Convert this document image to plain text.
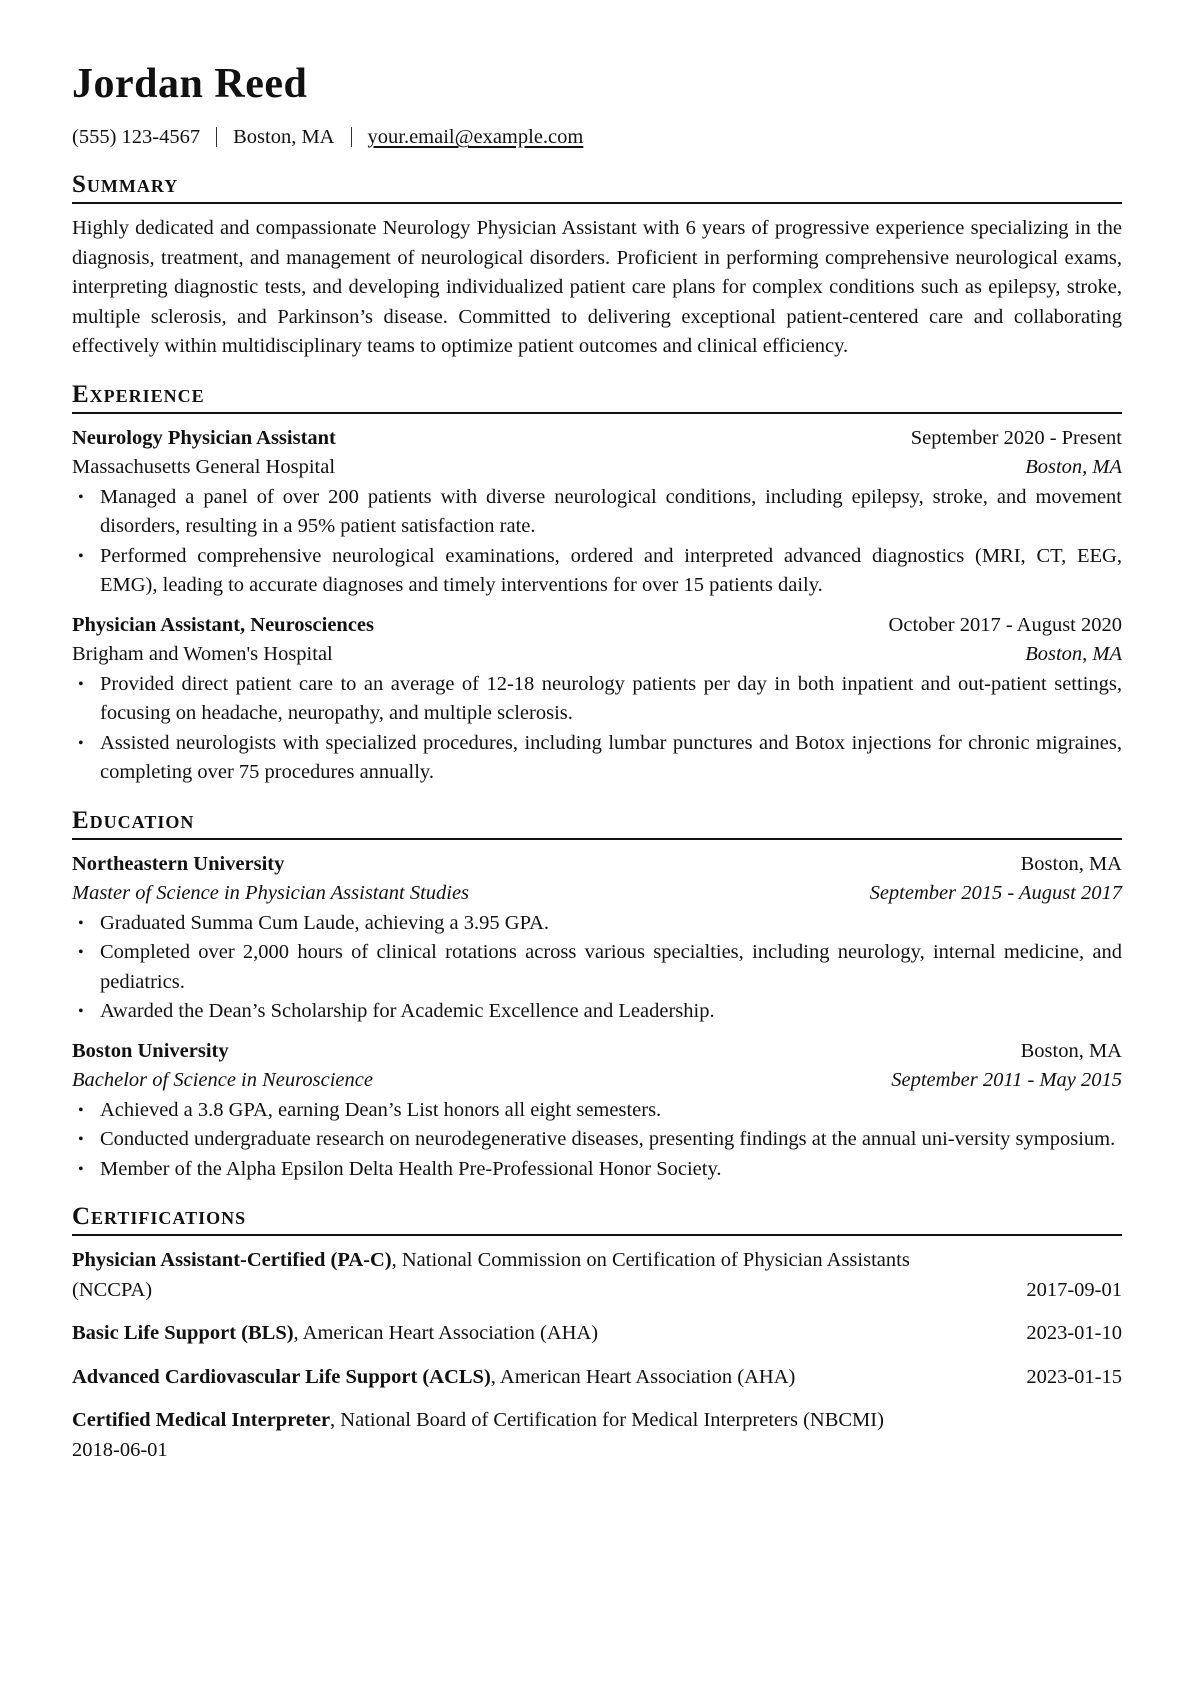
Jordan Reed
(555) 123-4567 Boston, MA your.email@example.com
Summary

Highly dedicated and compassionate Neurology Physician Assistant with 6 years of progressive experience specializing in the diagnosis, treatment, and management of neurological disorders. Proficient in performing comprehensive neurological exams, interpreting diagnostic tests, and developing individualized patient care plans for complex conditions such as epilepsy, stroke, multiple sclerosis, and Parkinson’s disease. Committed to delivering exceptional patient-centered care and collaborating effectively within multidisciplinary teams to optimize patient outcomes and clinical efficiency.

Experience
Neurology Physician Assistant	September 2020 - Present
Massachusetts General Hospital	Boston, MA
• Managed a panel of over 200 patients with diverse neurological conditions, including epilepsy, stroke, and movement disorders, resulting in a 95% patient satisfaction rate.
• Performed comprehensive neurological examinations, ordered and interpreted advanced diagnostics (MRI, CT, EEG, EMG), leading to accurate diagnoses and timely interventions for over 15 patients daily.
Physician Assistant, Neurosciences	October 2017 - August 2020
Brigham and Women's Hospital	Boston, MA
• Provided direct patient care to an average of 12-18 neurology patients per day in both inpatient and out-patient settings, focusing on headache, neuropathy, and multiple sclerosis.
• Assisted neurologists with specialized procedures, including lumbar punctures and Botox injections for chronic migraines, completing over 75 procedures annually.
Education
Northeastern University	Boston, MA
Master of Science in Physician Assistant Studies	September 2015 - August 2017
• Graduated Summa Cum Laude, achieving a 3.95 GPA.
• Completed over 2,000 hours of clinical rotations across various specialties, including neurology, internal medicine, and pediatrics.
• Awarded the Dean’s Scholarship for Academic Excellence and Leadership.
Boston University	Boston, MA
Bachelor of Science in Neuroscience	September 2011 - May 2015
• Achieved a 3.8 GPA, earning Dean’s List honors all eight semesters.
• Conducted undergraduate research on neurodegenerative diseases, presenting findings at the annual uni-versity symposium.
• Member of the Alpha Epsilon Delta Health Pre-Professional Honor Society.
Certifications
Physician Assistant-Certified (PA-C), National Commission on Certification of Physician Assistants
(NCCPA)	2017-09-01
Basic Life Support (BLS), American Heart Association (AHA)	2023-01-10
Advanced Cardiovascular Life Support (ACLS), American Heart Association (AHA)	2023-01-15
Certified Medical Interpreter, National Board of Certification for Medical Interpreters (NBCMI)
2018-06-01
